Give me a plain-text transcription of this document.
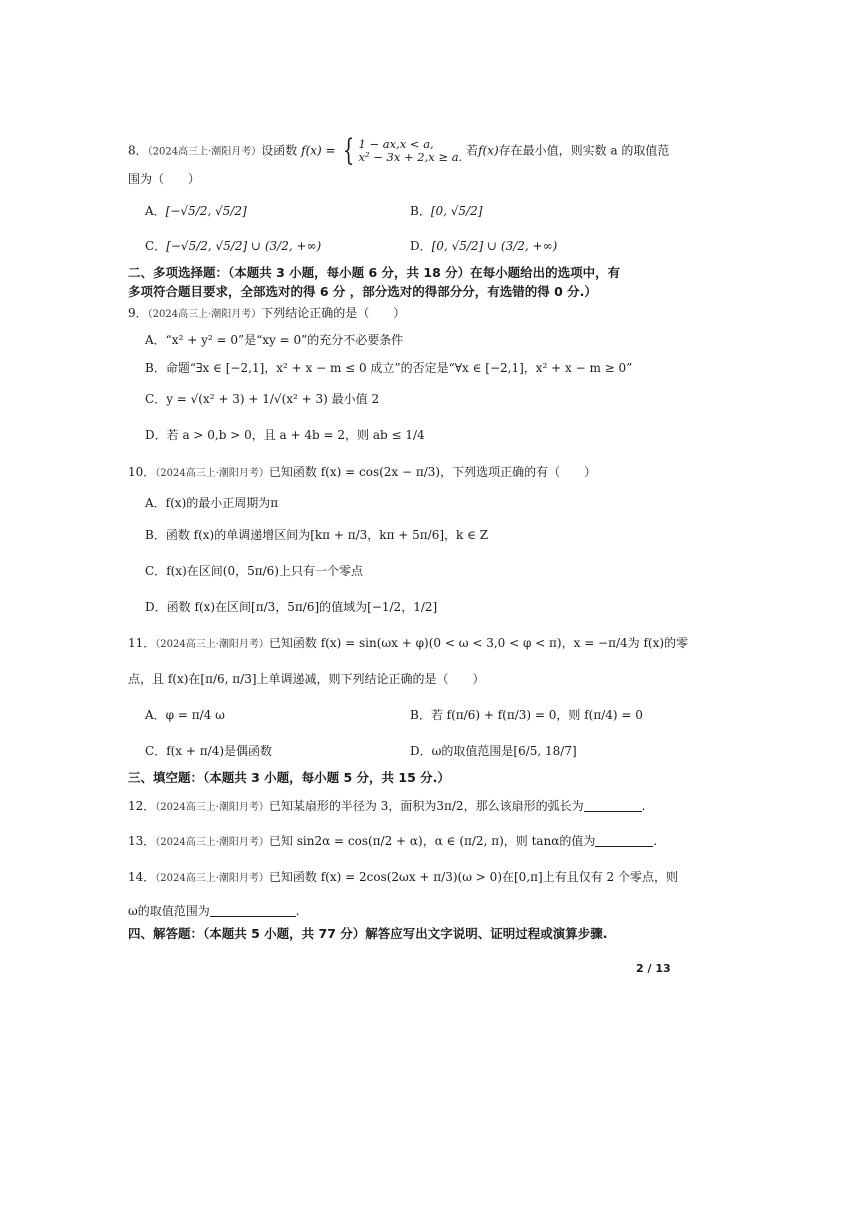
8．（2024高三上·潮阳月考）设函数 f(x) = { 1 − ax,x < a,
x² − 3x + 2,x ≥ a. 若f(x)存在最小值，则实数 a 的取值范
围为（　　）
A．[−√5/2, √5/2]	B．[0, √5/2]
C．[−√5/2, √5/2] ∪ (3/2, +∞)	D．[0, √5/2] ∪ (3/2, +∞)
二、多项选择题：（本题共 3 小题，每小题 6 分，共 18 分）在每小题给出的选项中，有
多项符合题目要求，全部选对的得 6 分 ，部分选对的得部分分，有选错的得 0 分.）
9．（2024高三上·潮阳月考）下列结论正确的是（　　）
A．“x² + y² = 0”是“xy = 0”的充分不必要条件
B．命题“∃x ∈ [−2,1]，x² + x − m ≤ 0 成立”的否定是“∀x ∈ [−2,1]，x² + x − m ≥ 0”
C．y = √(x² + 3) + 1/√(x² + 3) 最小值 2
D．若 a > 0,b > 0，且 a + 4b = 2，则 ab ≤ 1/4
10．（2024高三上·潮阳月考）已知函数 f(x) = cos(2x − π/3)，下列选项正确的有（　　）
A．f(x)的最小正周期为π
B．函数 f(x)的单调递增区间为[kπ + π/3，kπ + 5π/6]，k ∈ Z
C．f(x)在区间(0，5π/6)上只有一个零点
D．函数 f(x)在区间[π/3，5π/6]的值域为[−1/2，1/2]
11．（2024高三上·潮阳月考）已知函数 f(x) = sin(ωx + φ)(0 < ω < 3,0 < φ < π)，x = −π/4为 f(x)的零
点，且 f(x)在[π/6, π/3]上单调递减，则下列结论正确的是（　　）
A．φ = π/4 ω	B．若 f(π/6) + f(π/3) = 0，则 f(π/4) = 0
C．f(x + π/4)是偶函数	D．ω的取值范围是[6/5, 18/7]
三、填空题：（本题共 3 小题，每小题 5 分，共 15 分.）
12．（2024高三上·潮阳月考）已知某扇形的半径为 3，面积为3π/2，那么该扇形的弧长为	.
13．（2024高三上·潮阳月考）已知 sin2α = cos(π/2 + α)，α ∈ (π/2, π)，则 tanα的值为	.
14．（2024高三上·潮阳月考）已知函数 f(x) = 2cos(2ωx + π/3)(ω > 0)在[0,π]上有且仅有 2 个零点，则
ω的取值范围为	.
四、解答题：（本题共 5 小题，共 77 分）解答应写出文字说明、证明过程或演算步骤.
2 / 13
